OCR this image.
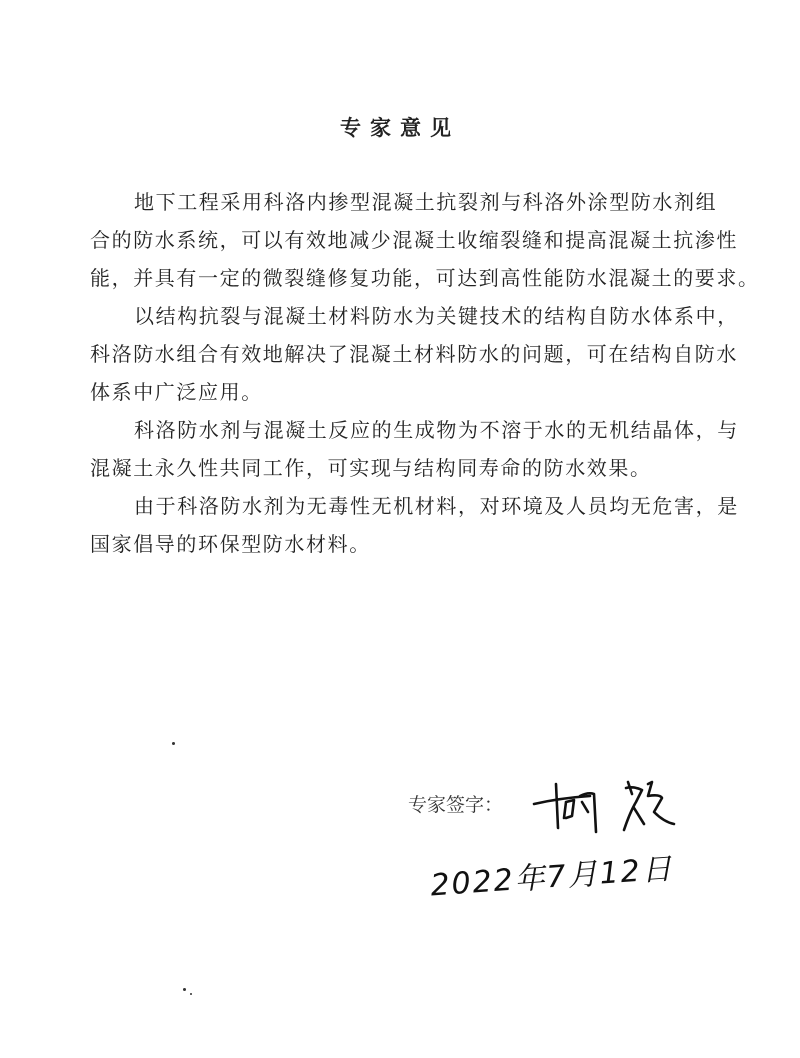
专家意见
地下工程采用科洛内掺型混凝土抗裂剂与科洛外涂型防水剂组
合的防水系统，可以有效地减少混凝土收缩裂缝和提高混凝土抗渗性
能，并具有一定的微裂缝修复功能，可达到高性能防水混凝土的要求。
以结构抗裂与混凝土材料防水为关键技术的结构自防水体系中，
科洛防水组合有效地解决了混凝土材料防水的问题，可在结构自防水
体系中广泛应用。
科洛防水剂与混凝土反应的生成物为不溶于水的无机结晶体，与
混凝土永久性共同工作，可实现与结构同寿命的防水效果。
由于科洛防水剂为无毒性无机材料，对环境及人员均无危害，是
国家倡导的环保型防水材料。
专家签字：
2022年7月12日
